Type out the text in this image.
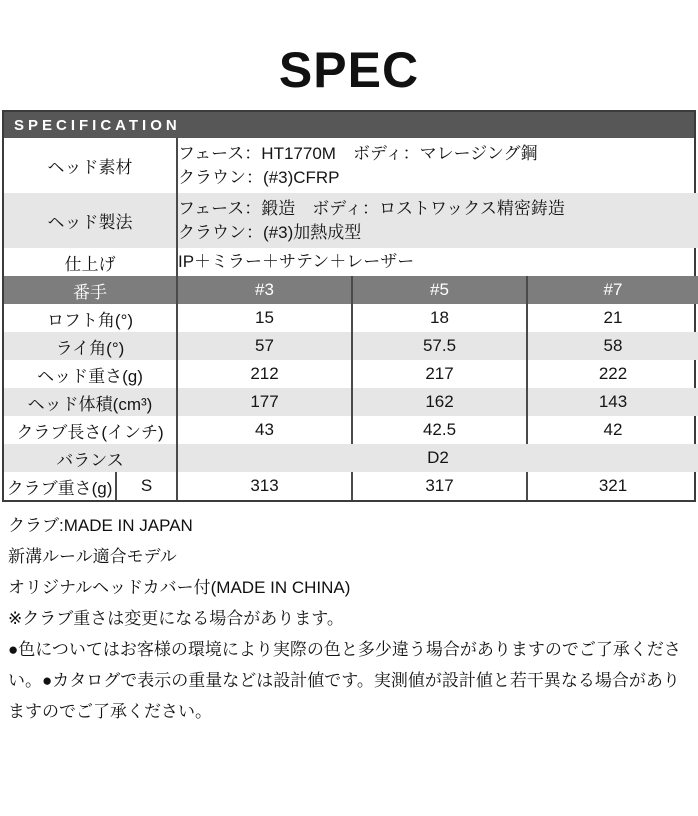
SPEC
SPECIFICATION
ヘッド素材		フェース：HT1770M　ボディ：マレージング鋼
クラウン：(#3)CFRP		

ヘッド製法		フェース：鍛造　ボディ：ロストワックス精密鋳造
クラウン：(#3)加熱成型		

仕上げ		IP＋ミラー＋サテン＋レーザー		
番手		#3	#5	#7
ロフト角(°)		15	18	21
ライ角(°)		57	57.5	58
ヘッド重さ(g)		212	217	222
ヘッド体積(cm³)		177	162	143
クラブ長さ(インチ)		43	42.5	42
バランス		D2		
クラブ重さ(g)	S	313	317	321

クラブ:MADE IN JAPAN

新溝ルール適合モデル

オリジナルヘッドカバー付(MADE IN CHINA)

※クラブ重さは変更になる場合があります。

●色についてはお客様の環境により実際の色と多少違う場合がありますのでご了承ください。●カタログで表示の重量などは設計値です。実測値が設計値と若干異なる場合がありますのでご了承ください。
